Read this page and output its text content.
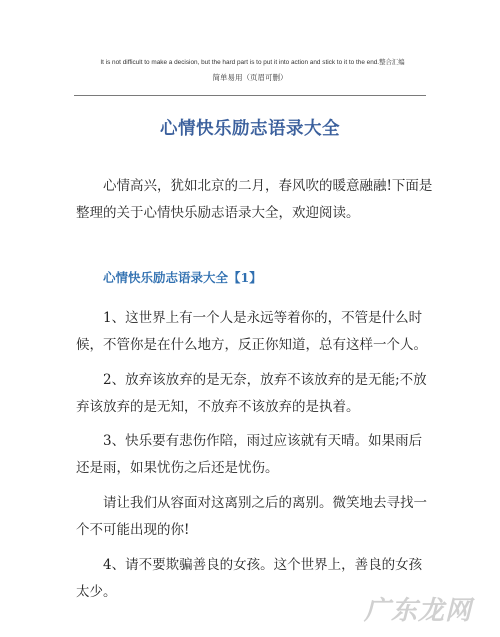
It is not difficult to make a decision, but the hard part is to put it into action and stick to it to the end.整合汇编
简单易用（页眉可删）
心情快乐励志语录大全
心情高兴，犹如北京的二月，春风吹的暖意融融!下面是整理的关于心情快乐励志语录大全，欢迎阅读。
心情快乐励志语录大全【1】
1、这世界上有一个人是永远等着你的，不管是什么时候，不管你是在什么地方，反正你知道，总有这样一个人。
2、放弃该放弃的是无奈，放弃不该放弃的是无能;不放弃该放弃的是无知，不放弃不该放弃的是执着。
3、快乐要有悲伤作陪，雨过应该就有天晴。如果雨后还是雨，如果忧伤之后还是忧伤。
请让我们从容面对这离别之后的离别。微笑地去寻找一个不可能出现的你!
4、请不要欺骗善良的女孩。这个世界上，善良的女孩太少。
广东龙网
